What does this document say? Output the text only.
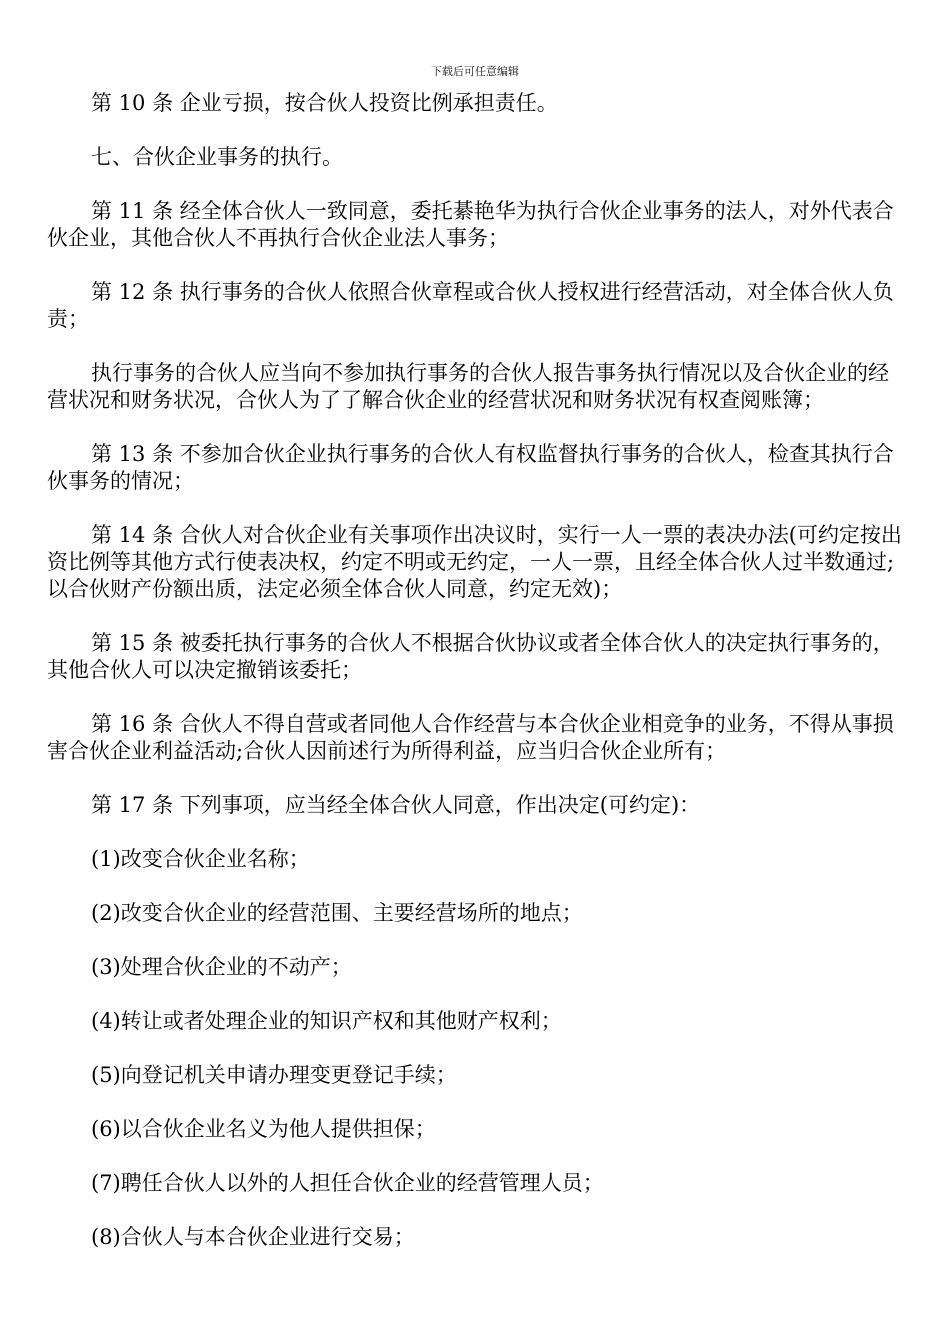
下载后可任意编辑

第 10 条 企业亏损，按合伙人投资比例承担责任。

七、合伙企业事务的执行。

第 11 条 经全体合伙人一致同意，委托綦艳华为执行合伙企业事务的法人，对外代表合伙企业，其他合伙人不再执行合伙企业法人事务；

第 12 条 执行事务的合伙人依照合伙章程或合伙人授权进行经营活动，对全体合伙人负责；

执行事务的合伙人应当向不参加执行事务的合伙人报告事务执行情况以及合伙企业的经营状况和财务状况，合伙人为了了解合伙企业的经营状况和财务状况有权查阅账簿；

第 13 条 不参加合伙企业执行事务的合伙人有权监督执行事务的合伙人，检查其执行合伙事务的情况；

第 14 条 合伙人对合伙企业有关事项作出决议时，实行一人一票的表决办法(可约定按出资比例等其他方式行使表决权，约定不明或无约定，一人一票，且经全体合伙人过半数通过;以合伙财产份额出质，法定必须全体合伙人同意，约定无效)；

第 15 条 被委托执行事务的合伙人不根据合伙协议或者全体合伙人的决定执行事务的，其他合伙人可以决定撤销该委托；

第 16 条 合伙人不得自营或者同他人合作经营与本合伙企业相竞争的业务，不得从事损害合伙企业利益活动;合伙人因前述行为所得利益，应当归合伙企业所有；

第 17 条 下列事项，应当经全体合伙人同意，作出决定(可约定)：

(1)改变合伙企业名称；

(2)改变合伙企业的经营范围、主要经营场所的地点；

(3)处理合伙企业的不动产；

(4)转让或者处理企业的知识产权和其他财产权利；

(5)向登记机关申请办理变更登记手续；

(6)以合伙企业名义为他人提供担保；

(7)聘任合伙人以外的人担任合伙企业的经营管理人员；

(8)合伙人与本合伙企业进行交易；
